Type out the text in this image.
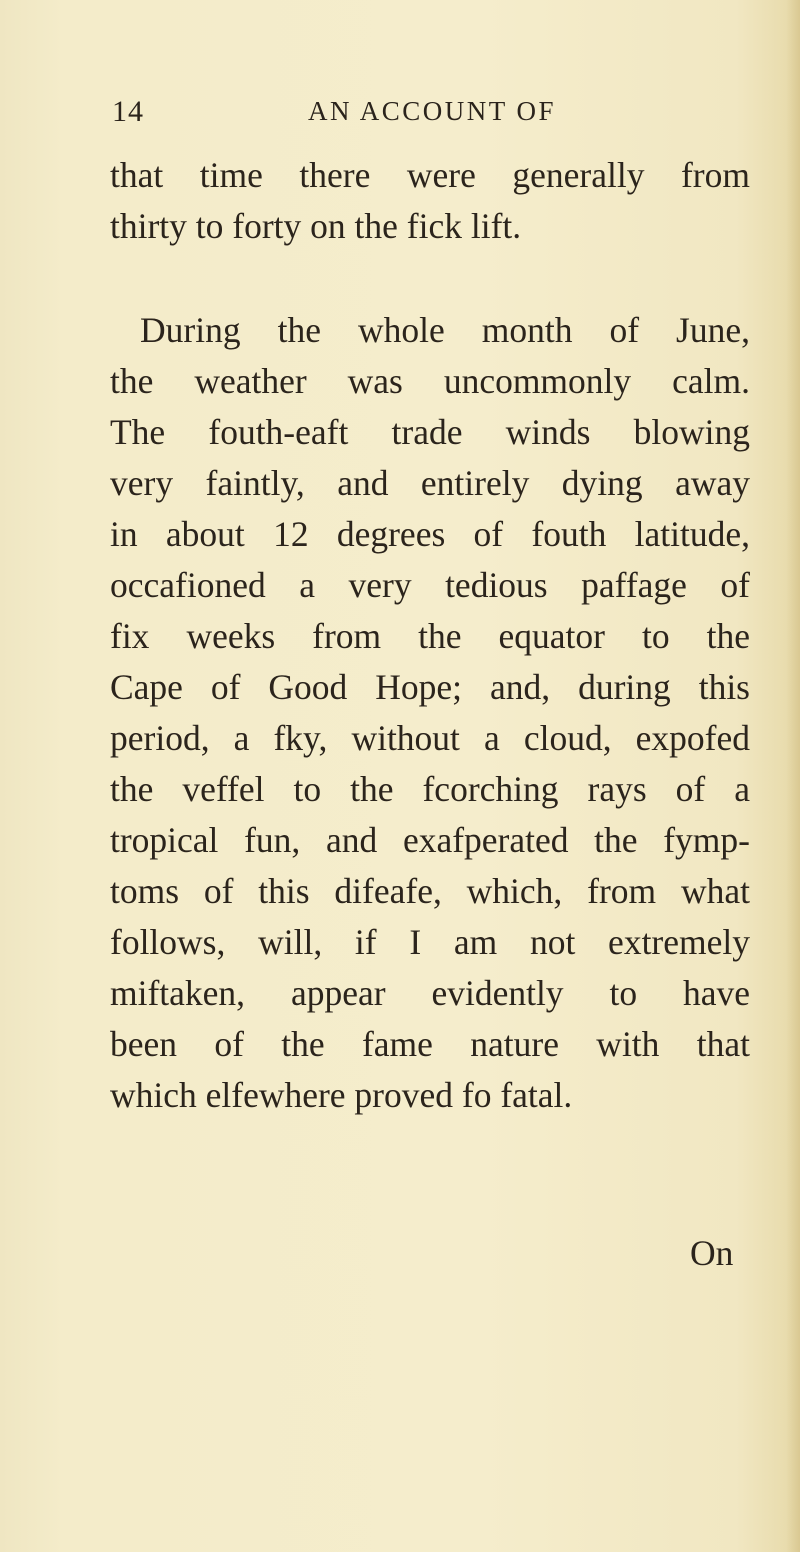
14	AN ACCOUNT OF
that time there were generally from
thirty to forty on the fick lift.
During the whole month of June,
the weather was uncommonly calm.
The fouth-eaft trade winds blowing
very faintly, and entirely dying away
in about 12 degrees of fouth latitude,
occafioned a very tedious paffage of
fix weeks from the equator to the
Cape of Good Hope; and, during this
period, a fky, without a cloud, expofed
the veffel to the fcorching rays of a
tropical fun, and exafperated the fymp-
toms of this difeafe, which, from what
follows, will, if I am not extremely
miftaken, appear evidently to have
been of the fame nature with that
which elfewhere proved fo fatal.
On
